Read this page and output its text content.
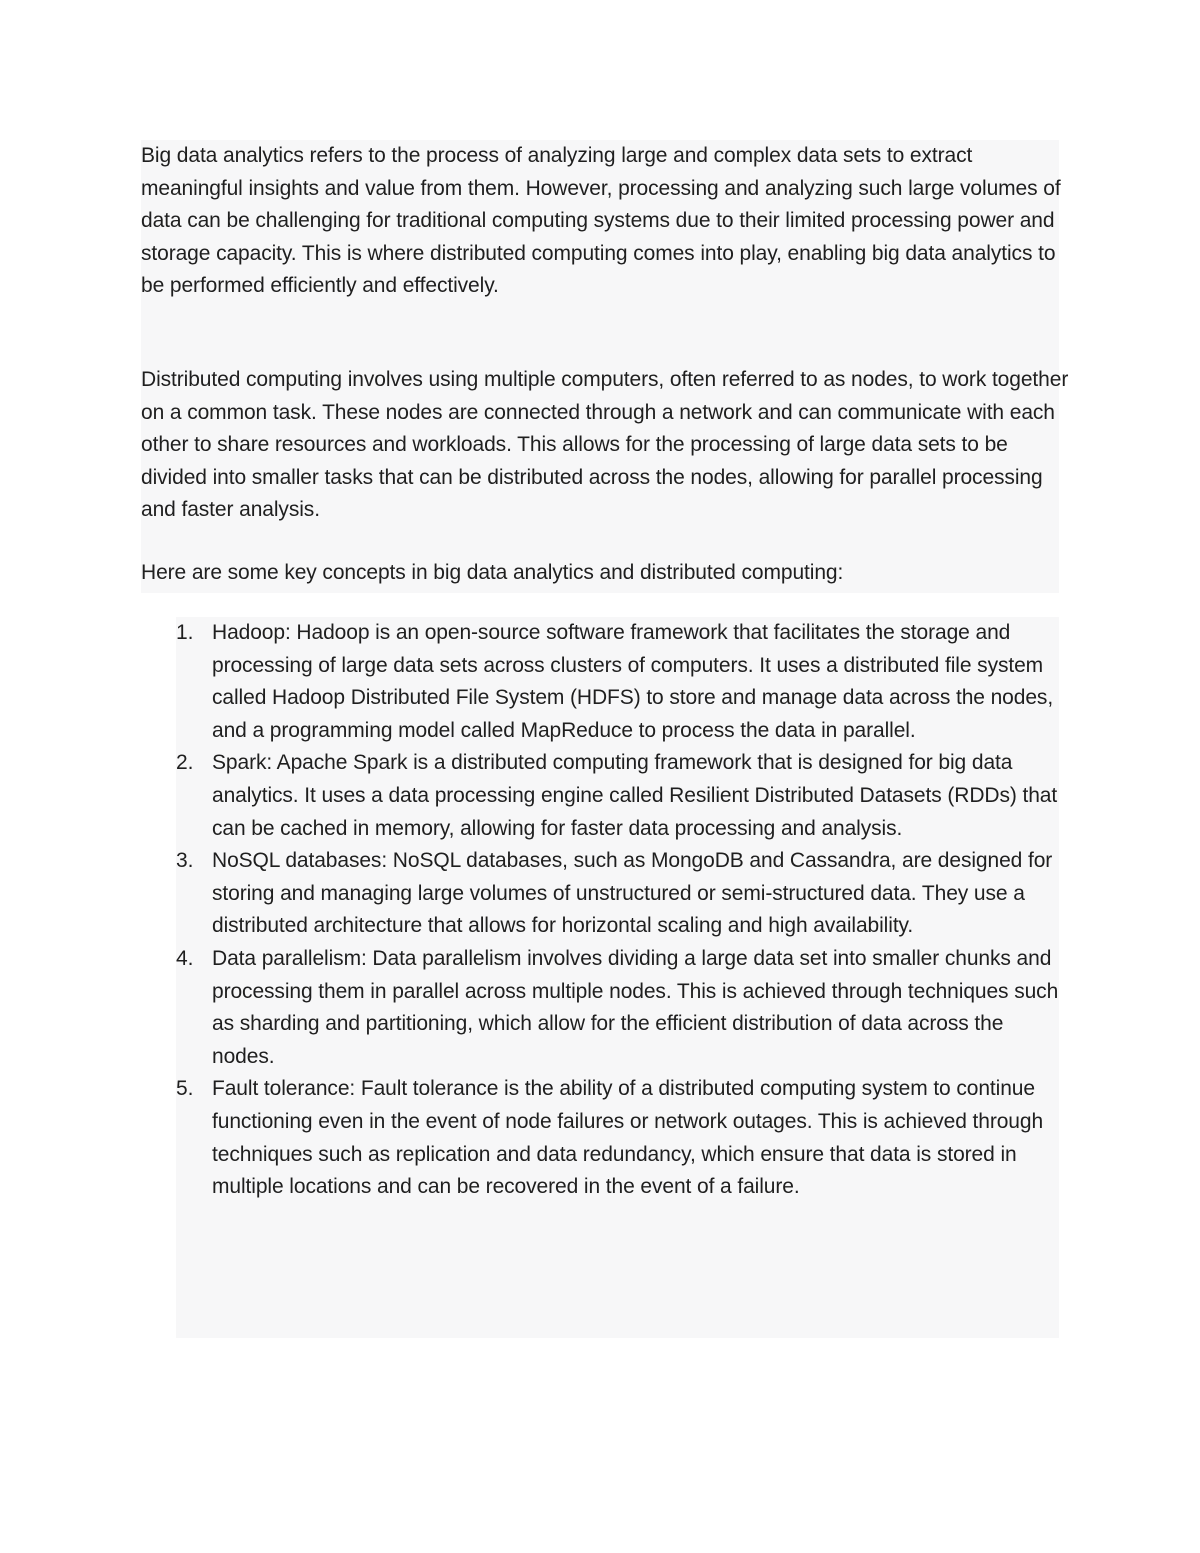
Big data analytics refers to the process of analyzing large and complex data sets to extract meaningful insights and value from them. However, processing and analyzing such large volumes of data can be challenging for traditional computing systems due to their limited processing power and storage capacity. This is where distributed computing comes into play, enabling big data analytics to be performed efficiently and effectively.

Distributed computing involves using multiple computers, often referred to as nodes, to work together on a common task. These nodes are connected through a network and can communicate with each other to share resources and workloads. This allows for the processing of large data sets to be divided into smaller tasks that can be distributed across the nodes, allowing for parallel processing and faster analysis.

Here are some key concepts in big data analytics and distributed computing:

1. Hadoop: Hadoop is an open-source software framework that facilitates the storage and processing of large data sets across clusters of computers. It uses a distributed file system called Hadoop Distributed File System (HDFS) to store and manage data across the nodes, and a programming model called MapReduce to process the data in parallel.
2. Spark: Apache Spark is a distributed computing framework that is designed for big data analytics. It uses a data processing engine called Resilient Distributed Datasets (RDDs) that can be cached in memory, allowing for faster data processing and analysis.
3. NoSQL databases: NoSQL databases, such as MongoDB and Cassandra, are designed for storing and managing large volumes of unstructured or semi-structured data. They use a distributed architecture that allows for horizontal scaling and high availability.
4. Data parallelism: Data parallelism involves dividing a large data set into smaller chunks and processing them in parallel across multiple nodes. This is achieved through techniques such as sharding and partitioning, which allow for the efficient distribution of data across the nodes.
5. Fault tolerance: Fault tolerance is the ability of a distributed computing system to continue functioning even in the event of node failures or network outages. This is achieved through techniques such as replication and data redundancy, which ensure that data is stored in multiple locations and can be recovered in the event of a failure.
